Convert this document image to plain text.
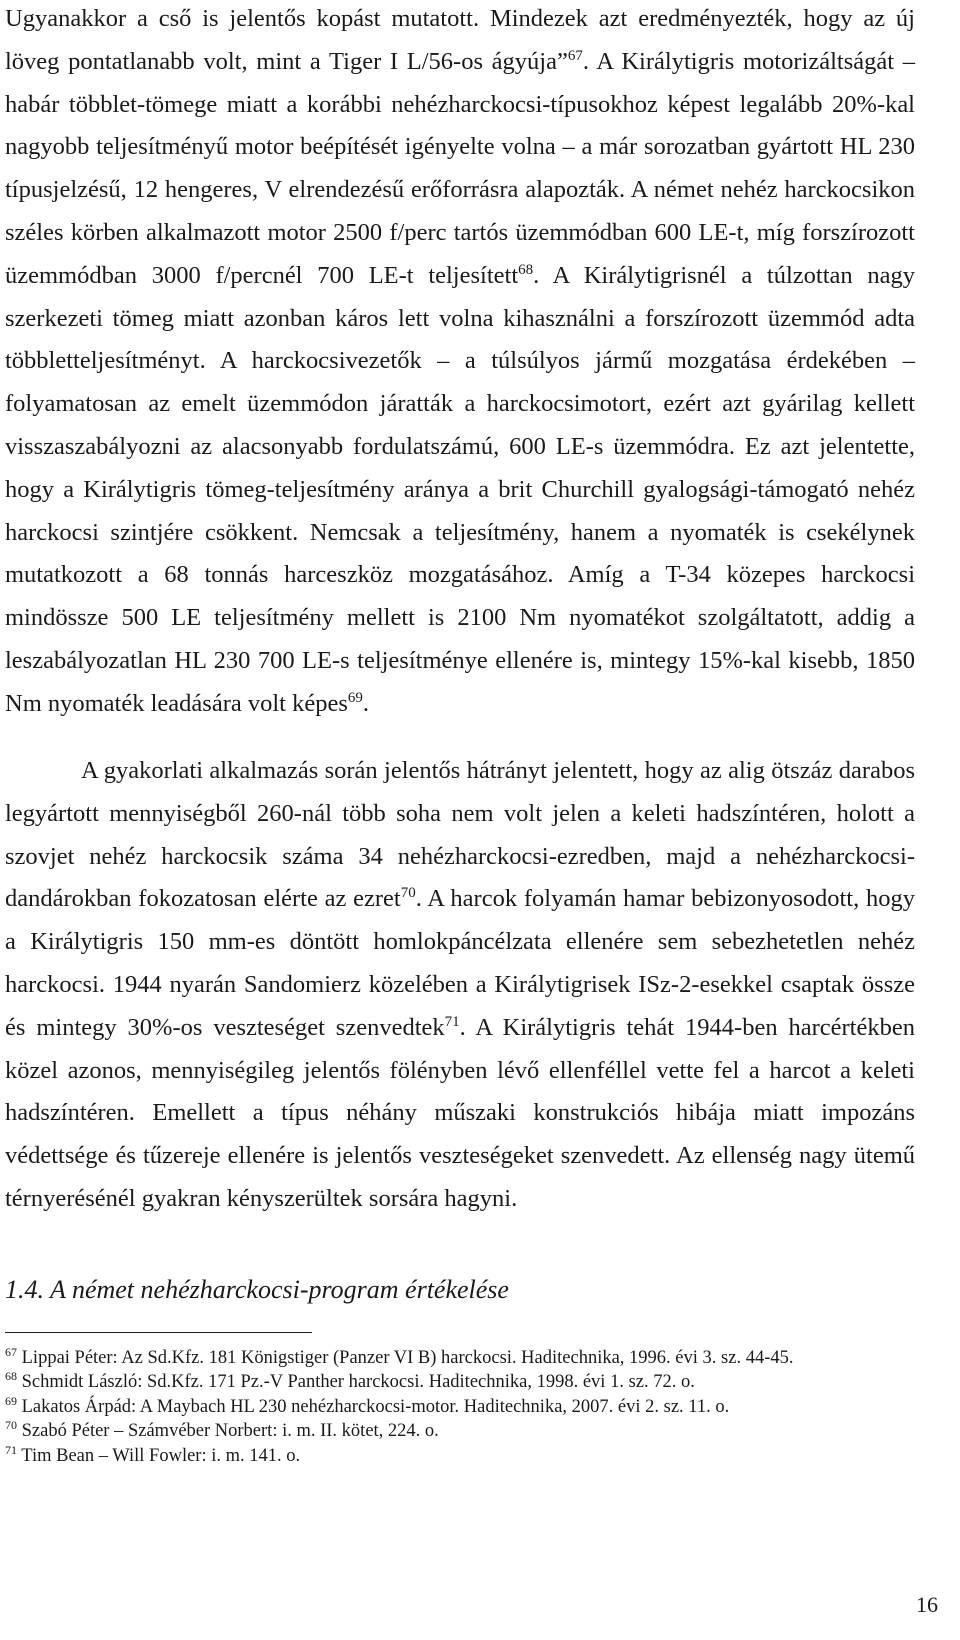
Ugyanakkor a cső is jelentős kopást mutatott. Mindezek azt eredményezték, hogy az új löveg pontatlanabb volt, mint a Tiger I L/56-os ágyúja”$^{67}$. A Királytigris motorizáltságát – habár többlet-tömege miatt a korábbi nehézharckocsi-típusokhoz képest legalább 20%-kal nagyobb teljesítményű motor beépítését igényelte volna – a már sorozatban gyártott HL 230 típusjelzésű, 12 hengeres, V elrendezésű erőforrásra alapozták. A német nehéz harckocsikon széles körben alkalmazott motor 2500 f/perc tartós üzemmódban 600 LE-t, míg forszírozott üzemmódban 3000 f/percnél 700 LE-t teljesített$^{68}$. A Királytigrisnél a túlzottan nagy szerkezeti tömeg miatt azonban káros lett volna kihasználni a forszírozott üzemmód adta többletteljesítményt. A harckocsivezetők – a túlsúlyos jármű mozgatása érdekében – folyamatosan az emelt üzemmódon járatták a harckocsimotort, ezért azt gyárilag kellett visszaszabályozni az alacsonyabb fordulatszámú, 600 LE-s üzemmódra. Ez azt jelentette, hogy a Királytigris tömeg-teljesítmény aránya a brit Churchill gyalogsági-támogató nehéz harckocsi szintjére csökkent. Nemcsak a teljesítmény, hanem a nyomaték is csekélynek mutatkozott a 68 tonnás harceszköz mozgatásához. Amíg a T-34 közepes harckocsi mindössze 500 LE teljesítmény mellett is 2100 Nm nyomatékot szolgáltatott, addig a leszabályozatlan HL 230 700 LE-s teljesítménye ellenére is, mintegy 15%-kal kisebb, 1850 Nm nyomaték leadására volt képes$^{69}$.

A gyakorlati alkalmazás során jelentős hátrányt jelentett, hogy az alig ötszáz darabos legyártott mennyiségből 260-nál több soha nem volt jelen a keleti hadszíntéren, holott a szovjet nehéz harckocsik száma 34 nehézharckocsi-ezredben, majd a nehézharckocsi-dandárokban fokozatosan elérte az ezret$^{70}$. A harcok folyamán hamar bebizonyosodott, hogy a Királytigris 150 mm-es döntött homlokpáncélzata ellenére sem sebezhetetlen nehéz harckocsi. 1944 nyarán Sandomierz közelében a Királytigrisek ISz-2-esekkel csaptak össze és mintegy 30%-os veszteséget szenvedtek$^{71}$. A Királytigris tehát 1944-ben harcértékben közel azonos, mennyiségileg jelentős fölényben lévő ellenféllel vette fel a harcot a keleti hadszíntéren. Emellett a típus néhány műszaki konstrukciós hibája miatt impozáns védettsége és tűzereje ellenére is jelentős veszteségeket szenvedett. Az ellenség nagy ütemű térnyerésénél gyakran kényszerültek sorsára hagyni.

1.4. A német nehézharckocsi-program értékelése
$^{67}$ Lippai Péter: Az Sd.Kfz. 181 Königstiger (Panzer VI B) harckocsi. Haditechnika, 1996. évi 3. sz. 44-45.
$^{68}$ Schmidt László: Sd.Kfz. 171 Pz.-V Panther harckocsi. Haditechnika, 1998. évi 1. sz. 72. o.
$^{69}$ Lakatos Árpád: A Maybach HL 230 nehézharckocsi-motor. Haditechnika, 2007. évi 2. sz. 11. o.
$^{70}$ Szabó Péter – Számvéber Norbert: i. m. II. kötet, 224. o.
$^{71}$ Tim Bean – Will Fowler: i. m. 141. o.
16
